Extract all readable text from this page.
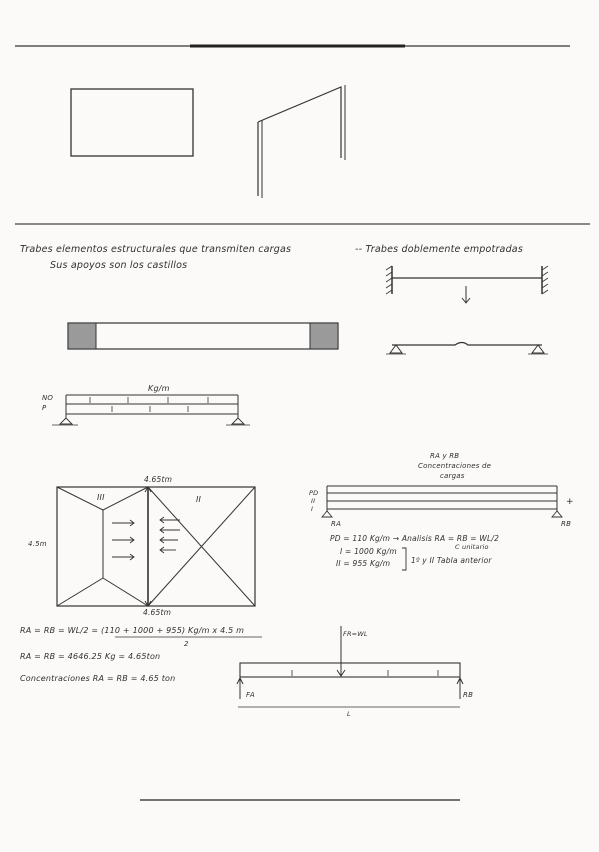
Trabes elementos estructurales que transmiten cargas
Sus apoyos son los castillos
-- Trabes doblemente empotradas
Kg/m
NO
P
4.65tm
4.5m
4.65tm
III	II
RA y RB
Concentraciones de
cargas
PD
II
I
+
RA	RB
PD = 110 Kg/m → Analisis RA = RB = WL/2
C unitario
I = 1000 Kg/m
II = 955 Kg/m	1º y II Tabla anterior
RA = RB = WL/2 = (110 + 1000 + 955) Kg/m x 4.5 m
2
RA = RB = 4646.25 Kg = 4.65ton
Concentraciones RA = RB = 4.65 ton
FR=WL
FA	RB
L
